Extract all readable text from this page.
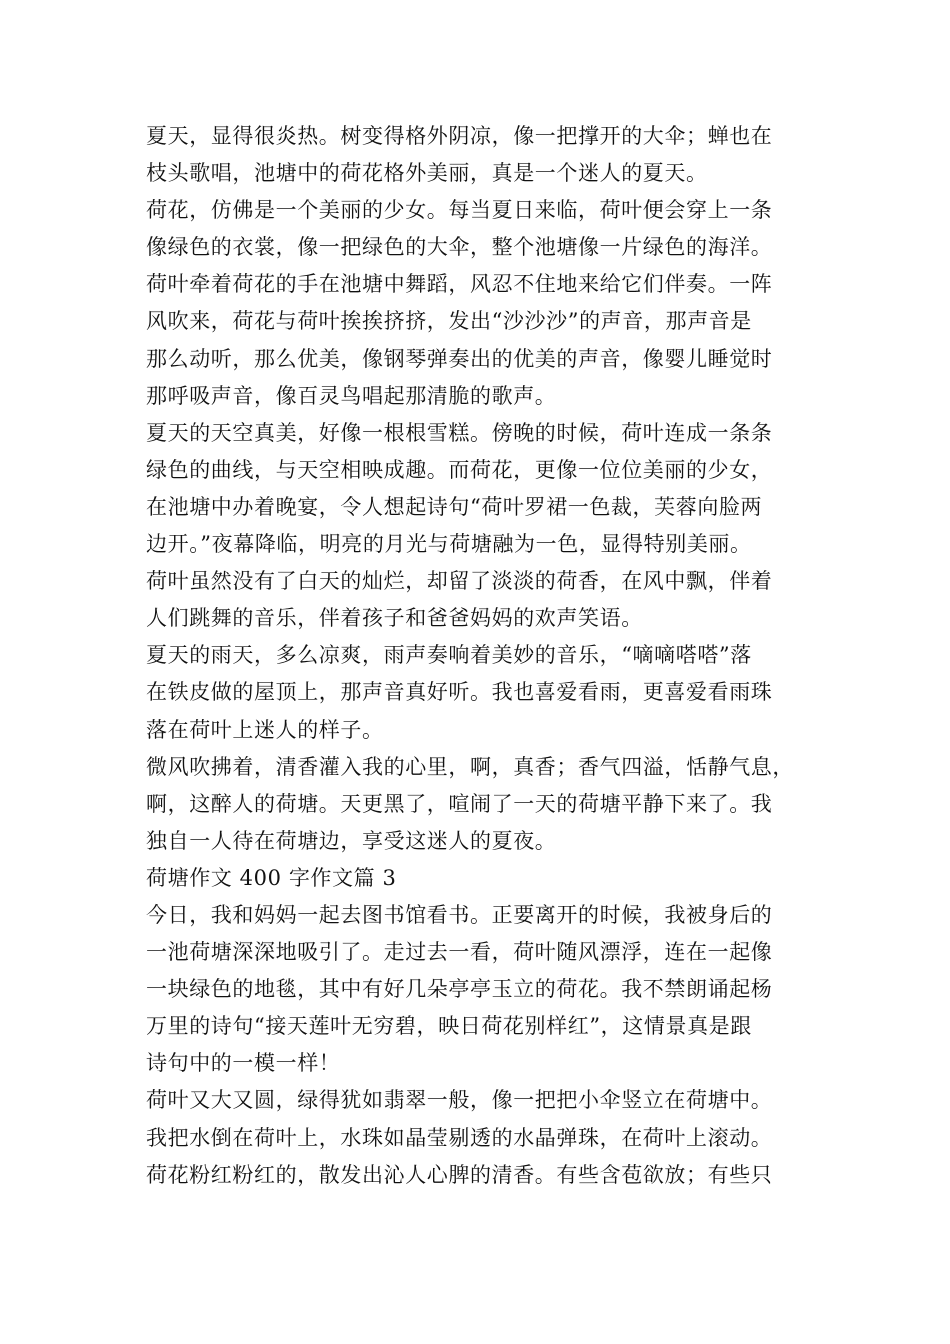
夏天，显得很炎热。树变得格外阴凉，像一把撑开的大伞；蝉也在
枝头歌唱，池塘中的荷花格外美丽，真是一个迷人的夏天。
荷花，仿佛是一个美丽的少女。每当夏日来临，荷叶便会穿上一条
像绿色的衣裳，像一把绿色的大伞，整个池塘像一片绿色的海洋。
荷叶牵着荷花的手在池塘中舞蹈，风忍不住地来给它们伴奏。一阵
风吹来，荷花与荷叶挨挨挤挤，发出“沙沙沙”的声音，那声音是
那么动听，那么优美，像钢琴弹奏出的优美的声音，像婴儿睡觉时
那呼吸声音，像百灵鸟唱起那清脆的歌声。
夏天的天空真美，好像一根根雪糕。傍晚的时候，荷叶连成一条条
绿色的曲线，与天空相映成趣。而荷花，更像一位位美丽的少女，
在池塘中办着晚宴，令人想起诗句“荷叶罗裙一色裁，芙蓉向脸两
边开。”夜幕降临，明亮的月光与荷塘融为一色，显得特别美丽。
荷叶虽然没有了白天的灿烂，却留了淡淡的荷香，在风中飘，伴着
人们跳舞的音乐，伴着孩子和爸爸妈妈的欢声笑语。
夏天的雨天，多么凉爽，雨声奏响着美妙的音乐，“嘀嘀嗒嗒”落
在铁皮做的屋顶上，那声音真好听。我也喜爱看雨，更喜爱看雨珠
落在荷叶上迷人的样子。
微风吹拂着，清香灌入我的心里，啊，真香；香气四溢，恬静气息，
啊，这醉人的荷塘。天更黑了，喧闹了一天的荷塘平静下来了。我
独自一人待在荷塘边，享受这迷人的夏夜。
荷塘作文 400 字作文篇 3
今日，我和妈妈一起去图书馆看书。正要离开的时候，我被身后的
一池荷塘深深地吸引了。走过去一看，荷叶随风漂浮，连在一起像
一块绿色的地毯，其中有好几朵亭亭玉立的荷花。我不禁朗诵起杨
万里的诗句“接天莲叶无穷碧，映日荷花别样红”，这情景真是跟
诗句中的一模一样！
荷叶又大又圆，绿得犹如翡翠一般，像一把把小伞竖立在荷塘中。
我把水倒在荷叶上，水珠如晶莹剔透的水晶弹珠，在荷叶上滚动。
荷花粉红粉红的，散发出沁人心脾的清香。有些含苞欲放；有些只
